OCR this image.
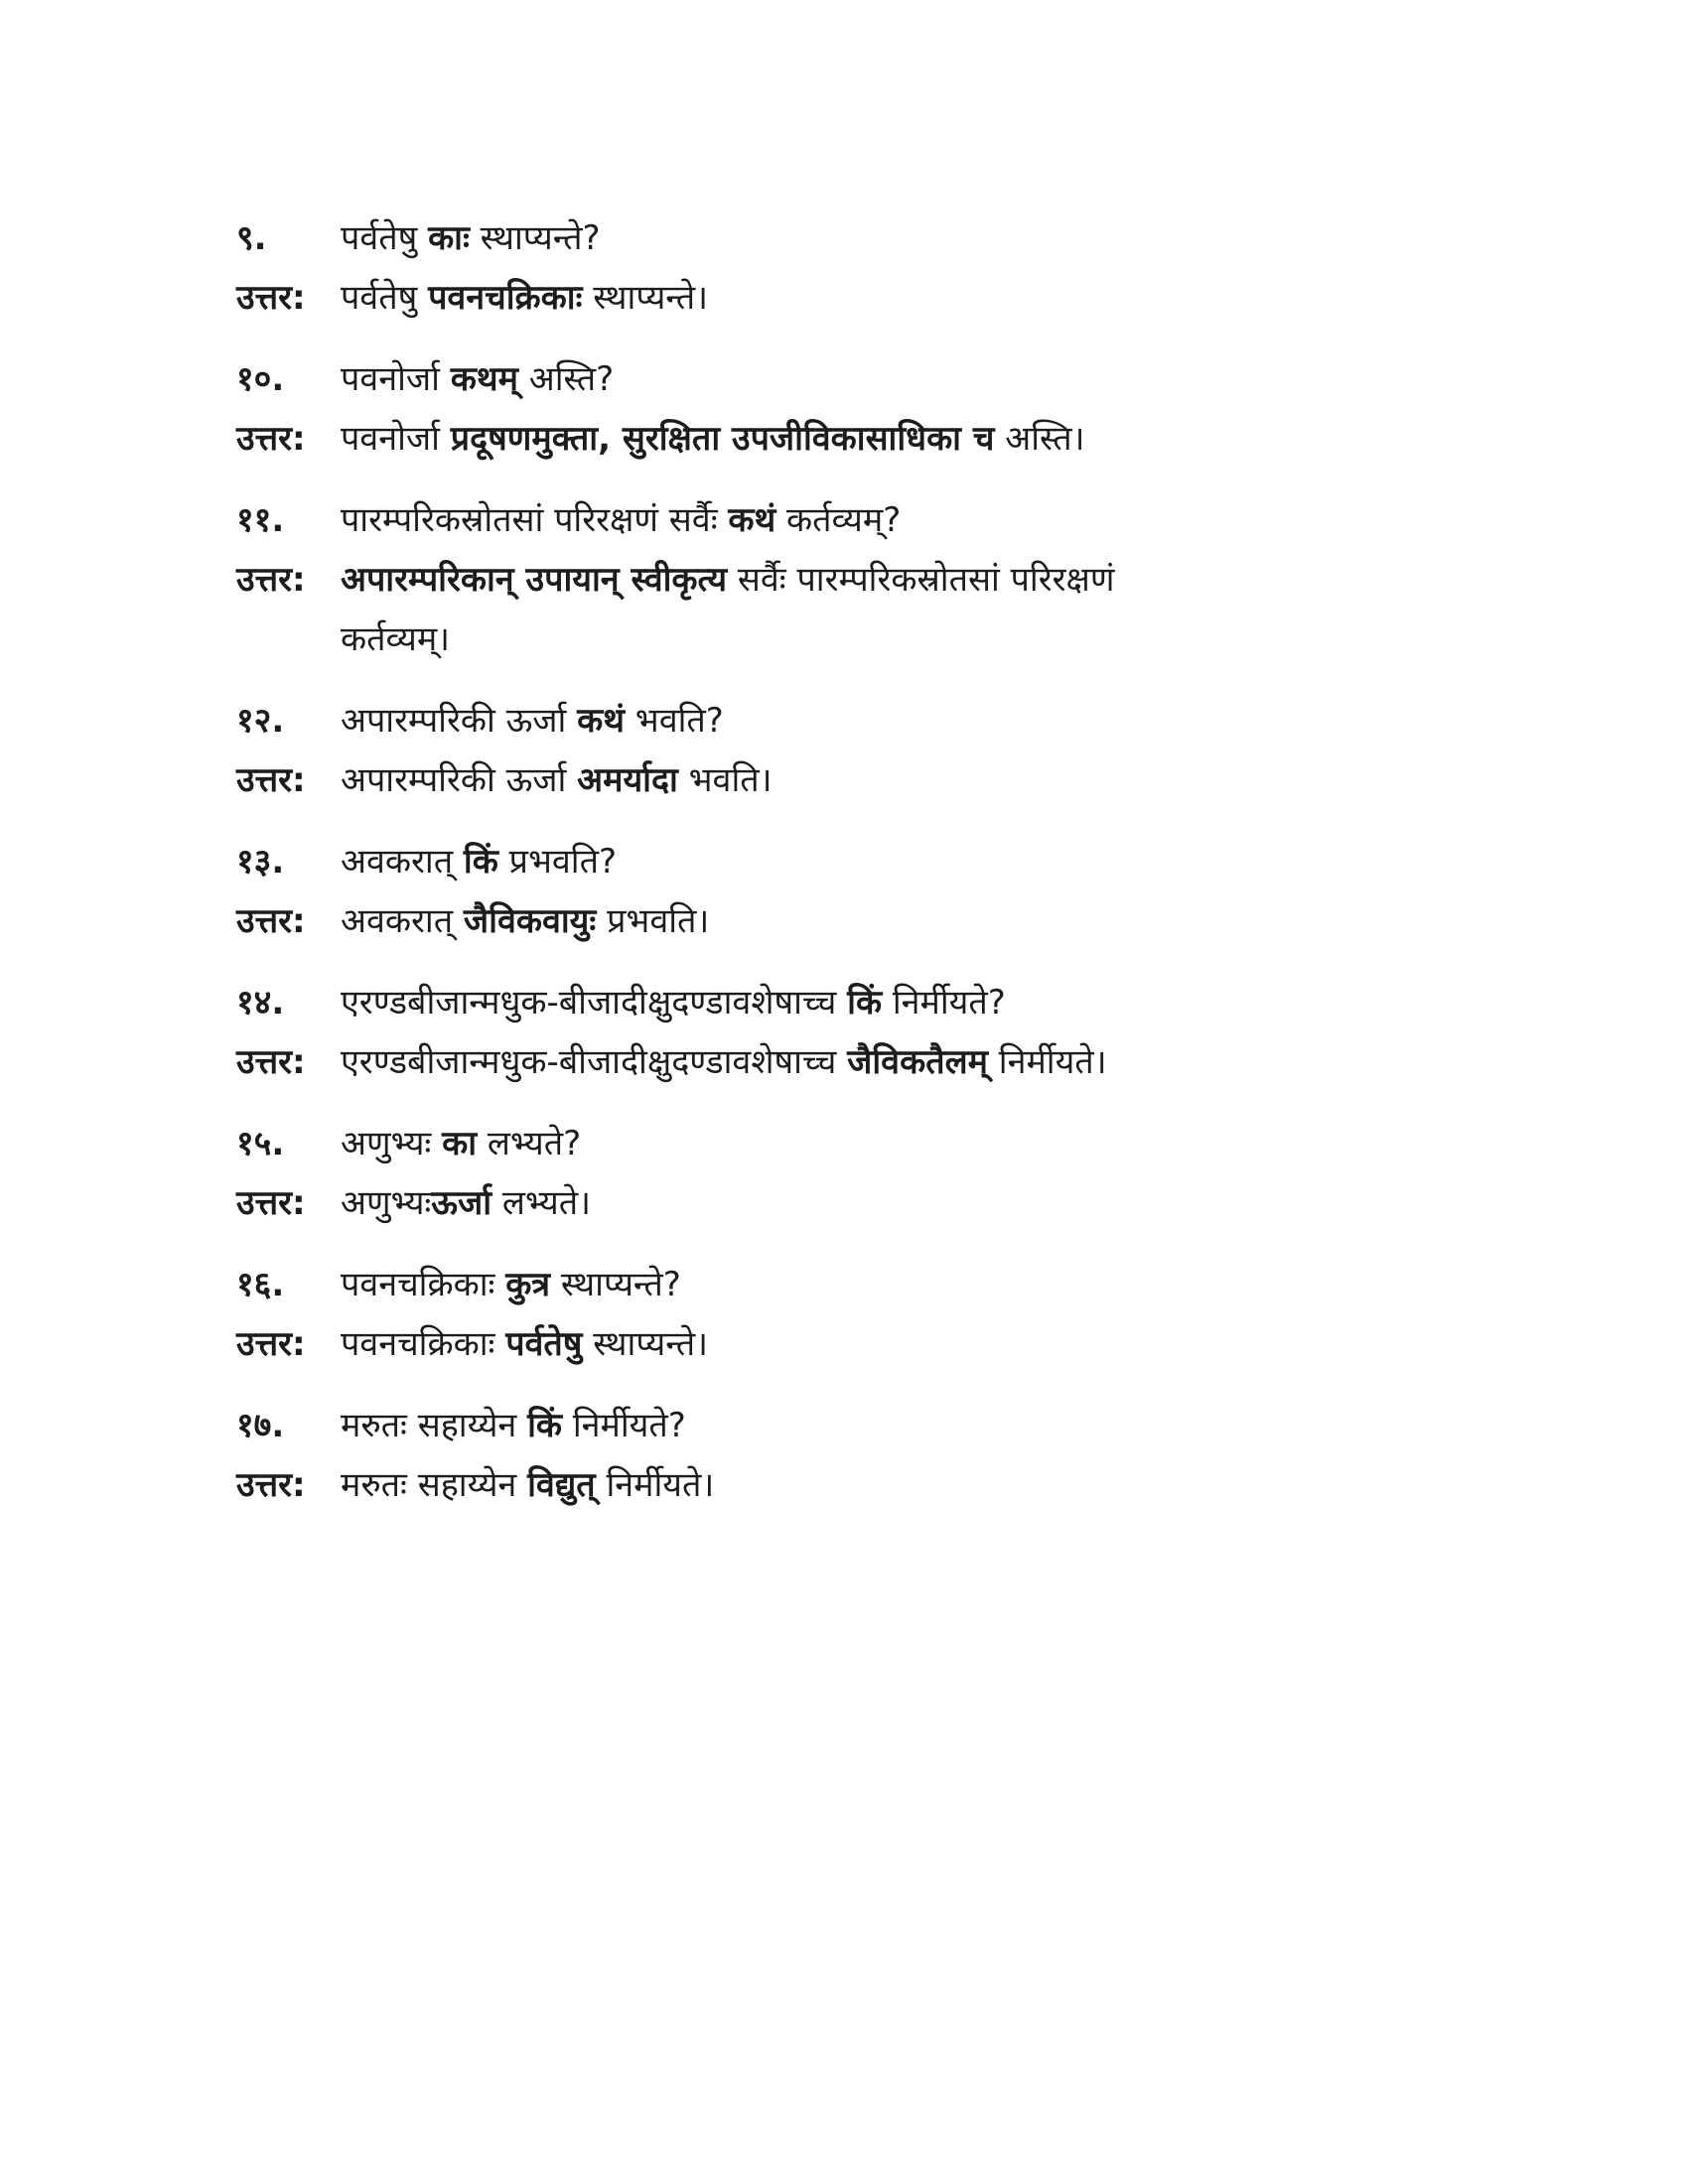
९.	पर्वतेषु काः स्थाप्यन्ते?
उत्तर:	पर्वतेषु पवनचक्रिकाः स्थाप्यन्ते।
१०.	पवनोर्जा कथम् अस्ति?
उत्तर:	पवनोर्जा प्रदूषणमुक्ता, सुरक्षिता उपजीविकासाधिका च अस्ति।
११.	पारम्परिकस्रोतसां परिरक्षणं सर्वैः कथं कर्तव्यम्?
उत्तर:	अपारम्परिकान् उपायान् स्वीकृत्य सर्वैः पारम्परिकस्रोतसां परिरक्षणं कर्तव्यम्।
१२.	अपारम्परिकी ऊर्जा कथं भवति?
उत्तर:	अपारम्परिकी ऊर्जा अमर्यादा भवति।
१३.	अवकरात् किं प्रभवति?
उत्तर:	अवकरात् जैविकवायुः प्रभवति।
१४.	एरण्डबीजान्मधुक-बीजादीक्षुदण्डावशेषाच्च किं निर्मीयते?
उत्तर:	एरण्डबीजान्मधुक-बीजादीक्षुदण्डावशेषाच्च जैविकतैलम् निर्मीयते।
१५.	अणुभ्यः का लभ्यते?
उत्तर:	अणुभ्यःऊर्जा लभ्यते।
१६.	पवनचक्रिकाः कुत्र स्थाप्यन्ते?
उत्तर:	पवनचक्रिकाः पर्वतेषु स्थाप्यन्ते।
१७.	मरुतः सहाय्येन किं निर्मीयते?
उत्तर:	मरुतः सहाय्येन विद्युत् निर्मीयते।
